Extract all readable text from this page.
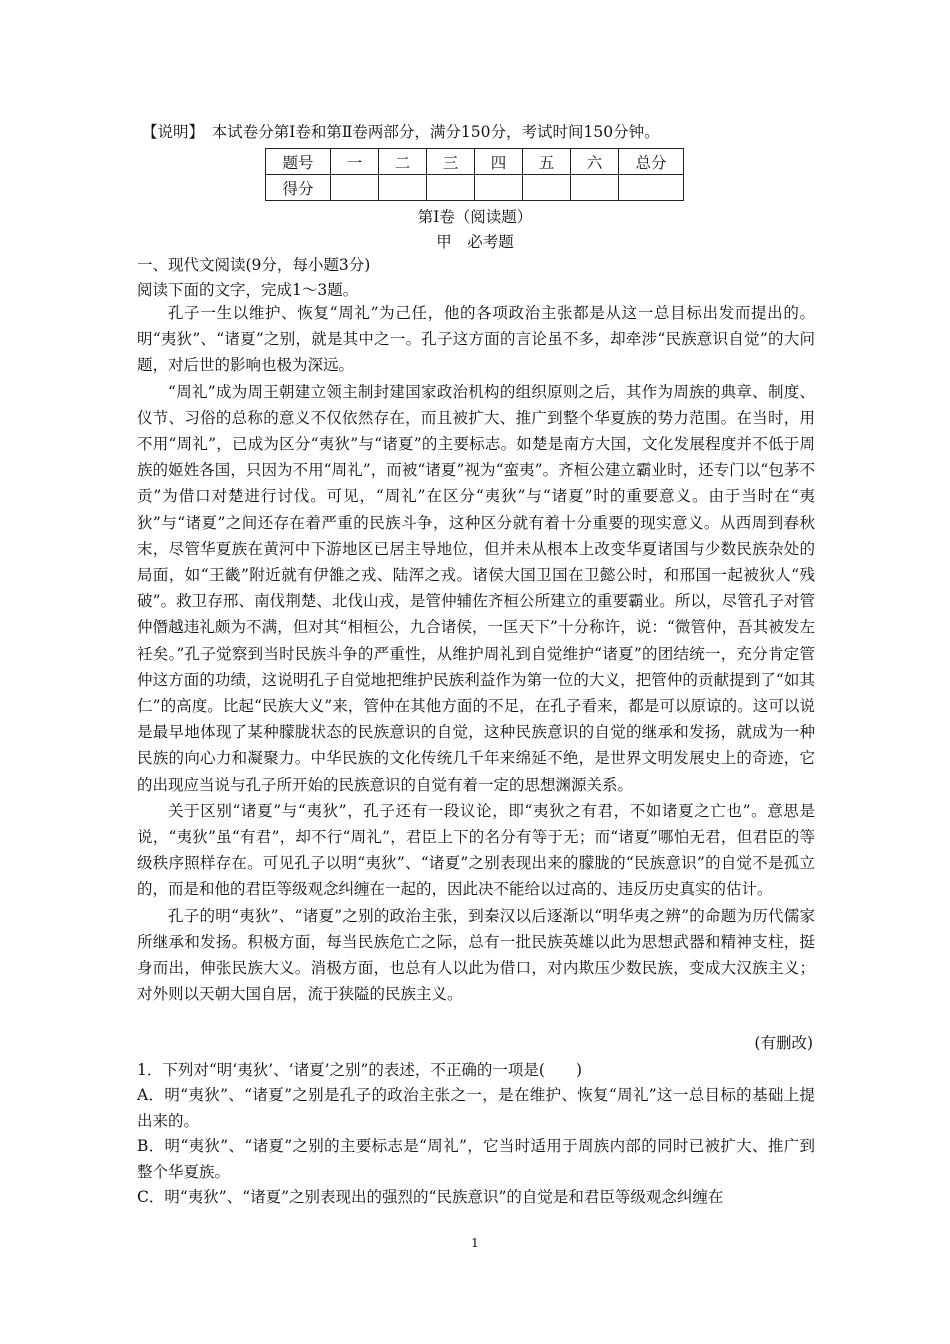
【说明】　本试卷分第Ⅰ卷和第Ⅱ卷两部分，满分150分，考试时间150分钟。
题号	一	二	三	四	五	六	总分
得分							
第Ⅰ卷（阅读题）
甲　必考题
一、现代文阅读(9分，每小题3分)
阅读下面的文字，完成1～3题。

孔子一生以维护、恢复“周礼”为己任，他的各项政治主张都是从这一总目标出发而提出的。明“夷狄”、“诸夏”之别，就是其中之一。孔子这方面的言论虽不多，却牵涉“民族意识自觉”的大问题，对后世的影响也极为深远。

“周礼”成为周王朝建立领主制封建国家政治机构的组织原则之后，其作为周族的典章、制度、仪节、习俗的总称的意义不仅依然存在，而且被扩大、推广到整个华夏族的势力范围。在当时，用不用“周礼”，已成为区分“夷狄”与“诸夏”的主要标志。如楚是南方大国，文化发展程度并不低于周族的姬姓各国，只因为不用“周礼”，而被“诸夏”视为“蛮夷”。齐桓公建立霸业时，还专门以“包茅不贡”为借口对楚进行讨伐。可见，“周礼”在区分“夷狄”与“诸夏”时的重要意义。由于当时在“夷狄”与“诸夏”之间还存在着严重的民族斗争，这种区分就有着十分重要的现实意义。从西周到春秋末，尽管华夏族在黄河中下游地区已居主导地位，但并未从根本上改变华夏诸国与少数民族杂处的局面，如“王畿”附近就有伊雒之戎、陆浑之戎。诸侯大国卫国在卫懿公时，和邢国一起被狄人“残破”。救卫存邢、南伐荆楚、北伐山戎，是管仲辅佐齐桓公所建立的重要霸业。所以，尽管孔子对管仲僭越违礼颇为不满，但对其“相桓公，九合诸侯，一匡天下”十分称许，说：“微管仲，吾其被发左衽矣。”孔子觉察到当时民族斗争的严重性，从维护周礼到自觉维护“诸夏”的团结统一，充分肯定管仲这方面的功绩，这说明孔子自觉地把维护民族利益作为第一位的大义，把管仲的贡献提到了“如其仁”的高度。比起“民族大义”来，管仲在其他方面的不足，在孔子看来，都是可以原谅的。这可以说是最早地体现了某种朦胧状态的民族意识的自觉，这种民族意识的自觉的继承和发扬，就成为一种民族的向心力和凝聚力。中华民族的文化传统几千年来绵延不绝，是世界文明发展史上的奇迹，它的出现应当说与孔子所开始的民族意识的自觉有着一定的思想渊源关系。

关于区别“诸夏”与“夷狄”，孔子还有一段议论，即“夷狄之有君，不如诸夏之亡也”。意思是说，“夷狄”虽“有君”，却不行“周礼”，君臣上下的名分有等于无；而“诸夏”哪怕无君，但君臣的等级秩序照样存在。可见孔子以明“夷狄”、“诸夏”之别表现出来的朦胧的“民族意识”的自觉不是孤立的，而是和他的君臣等级观念纠缠在一起的，因此决不能给以过高的、违反历史真实的估计。

孔子的明“夷狄”、“诸夏”之别的政治主张，到秦汉以后逐渐以“明华夷之辨”的命题为历代儒家所继承和发扬。积极方面，每当民族危亡之际，总有一批民族英雄以此为思想武器和精神支柱，挺身而出，伸张民族大义。消极方面，也总有人以此为借口，对内欺压少数民族，变成大汉族主义；对外则以天朝大国自居，流于狭隘的民族主义。

(有删改)
1．下列对“明‘夷狄’、‘诸夏’之别”的表述，不正确的一项是(　　)
A．明“夷狄”、“诸夏”之别是孔子的政治主张之一，是在维护、恢复“周礼”这一总目标的基础上提出来的。
B．明“夷狄”、“诸夏”之别的主要标志是“周礼”，它当时适用于周族内部的同时已被扩大、推广到整个华夏族。
C．明“夷狄”、“诸夏”之别表现出的强烈的“民族意识”的自觉是和君臣等级观念纠缠在
1
